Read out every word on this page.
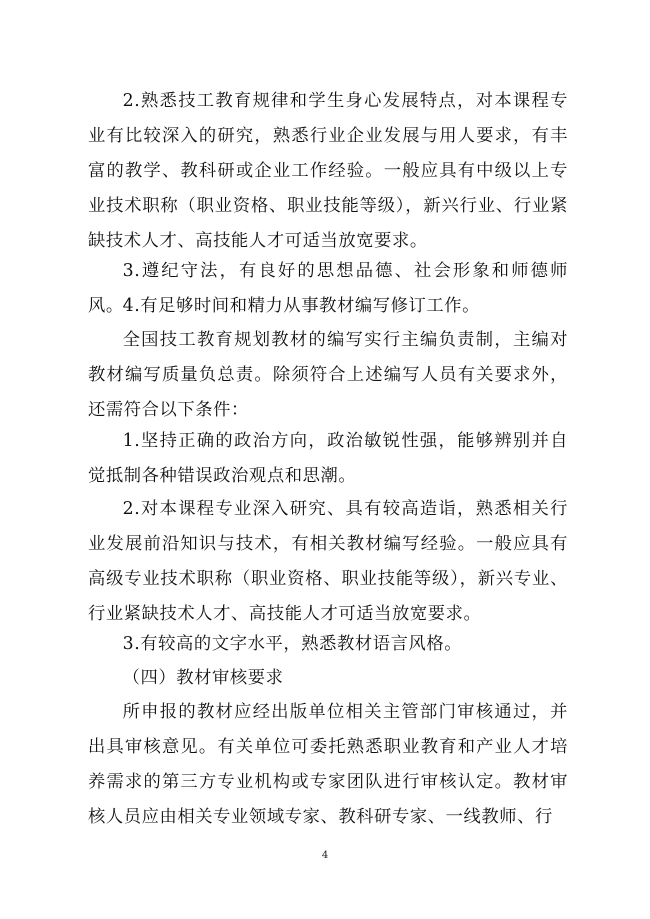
2.熟悉技工教育规律和学生身心发展特点，对本课程专业有比较深入的研究，熟悉行业企业发展与用人要求，有丰富的教学、教科研或企业工作经验。一般应具有中级以上专业技术职称（职业资格、职业技能等级），新兴行业、行业紧缺技术人才、高技能人才可适当放宽要求。

3.遵纪守法，有良好的思想品德、社会形象和师德师风。

4.有足够时间和精力从事教材编写修订工作。

全国技工教育规划教材的编写实行主编负责制，主编对教材编写质量负总责。除须符合上述编写人员有关要求外，还需符合以下条件：

1.坚持正确的政治方向，政治敏锐性强，能够辨别并自觉抵制各种错误政治观点和思潮。

2.对本课程专业深入研究、具有较高造诣，熟悉相关行业发展前沿知识与技术，有相关教材编写经验。一般应具有高级专业技术职称（职业资格、职业技能等级），新兴专业、行业紧缺技术人才、高技能人才可适当放宽要求。

3.有较高的文字水平，熟悉教材语言风格。

（四）教材审核要求

所申报的教材应经出版单位相关主管部门审核通过，并出具审核意见。有关单位可委托熟悉职业教育和产业人才培养需求的第三方专业机构或专家团队进行审核认定。教材审核人员应由相关专业领域专家、教科研专家、一线教师、行

4
